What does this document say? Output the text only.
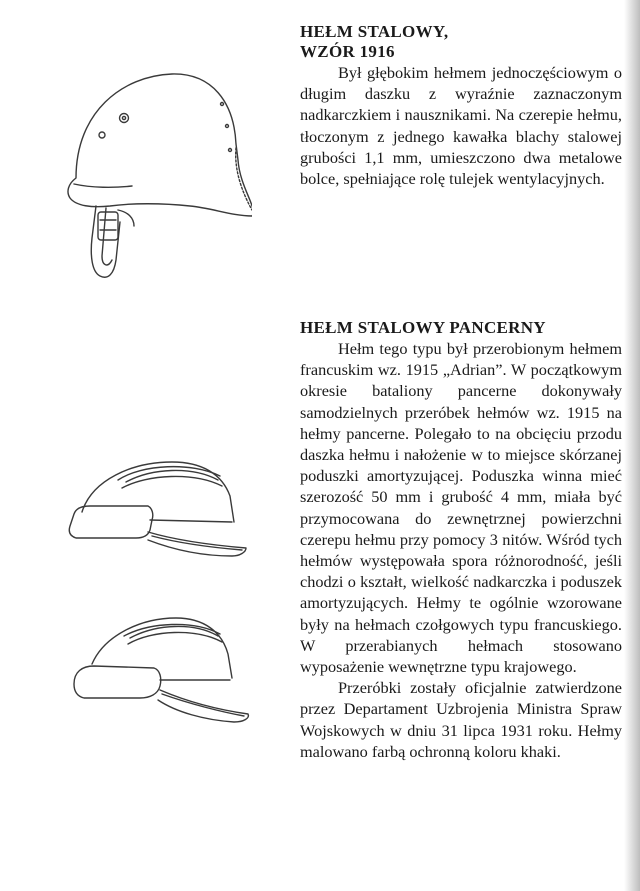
HEŁM STALOWY,
WZÓR 1916

Był głębokim hełmem jednoczęściowym o długim daszku z wyraźnie zaznaczonym nadkarczkiem i nausznikami. Na czerepie hełmu, tłoczonym z jednego kawałka blachy stalowej grubości 1,1 mm, umieszczono dwa metalowe bolce, spełniające rolę tulejek wentylacyjnych.

HEŁM STALOWY PANCERNY

Hełm tego typu był przerobionym hełmem francuskim wz. 1915 „Adrian”. W początkowym okresie bataliony pancerne dokonywały samodzielnych przeróbek hełmów wz. 1915 na hełmy pancerne. Polegało to na obcięciu przodu daszka hełmu i nałożenie w to miejsce skórzanej poduszki amortyzującej. Poduszka winna mieć szerozość 50 mm i grubość 4 mm, miała być przymocowana do zewnętrznej powierzchni czerepu hełmu przy pomocy 3 nitów. Wśród tych hełmów występowała spora różnorodność, jeśli chodzi o kształt, wielkość nadkarczka i poduszek amortyzujących. Hełmy te ogólnie wzorowane były na hełmach czołgowych typu francuskiego. W przerabianych hełmach stosowano wyposażenie wewnętrzne typu krajowego.

Przeróbki zostały oficjalnie zatwierdzone przez Departament Uzbrojenia Ministra Spraw Wojskowych w dniu 31 lipca 1931 roku. Hełmy malowano farbą ochronną koloru khaki.
